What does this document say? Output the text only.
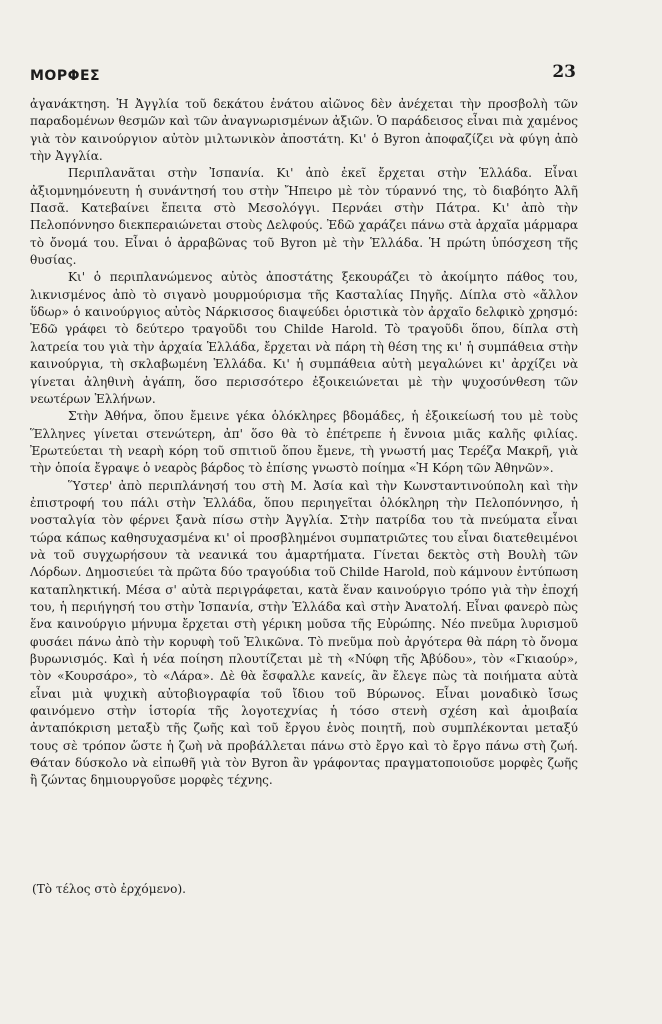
ΜΟΡΦΕΣ	23

ἀγανάκτηση. Ἡ Ἀγγλία τοῦ δεκάτου ἐνάτου αἰῶνος δὲν ἀνέχεται τὴν προσβολὴ τῶν παραδομένων θεσμῶν καὶ τῶν ἀναγνωρισμένων ἀξιῶν. Ὁ παράδεισος εἶναι πιὰ χαμένος γιὰ τὸν καινούργιον αὐτὸν μιλτωνικὸν ἀποστάτη. Κι' ὁ Βyron ἀποφαζίζει νὰ φύγη ἀπὸ τὴν Ἀγγλία.

Περιπλανᾶται στὴν Ἰσπανία. Κι' ἀπὸ ἐκεῖ ἔρχεται στὴν Ἑλλάδα. Εἶναι ἀξιομνημόνευτη ἡ συνάντησή του στὴν Ἤπειρο μὲ τὸν τύραννό της, τὸ διαβόητο Ἀλῆ Πασᾶ. Κατεβαίνει ἔπειτα στὸ Μεσολόγγι. Περνάει στὴν Πάτρα. Κι' ἀπὸ τὴν Πελοπόννησο διεκπεραιώνεται στοὺς Δελφούς. Ἐδῶ χαράζει πάνω στὰ ἀρχαῖα μάρμαρα τὸ ὄνομά του. Εἶναι ὁ ἀρραβῶνας τοῦ Βyron μὲ τὴν Ἑλλάδα. Ἡ πρώτη ὑπόσχεση τῆς θυσίας.

Κι' ὁ περιπλανώμενος αὐτὸς ἀποστάτης ξεκουράζει τὸ ἀκοίμητο πάθος του, λικνισμένος ἀπὸ τὸ σιγανὸ μουρμούρισμα τῆς Κασταλίας Πηγῆς. Δίπλα στὸ «ἄλλον ὕδωρ» ὁ καινούργιος αὐτὸς Νάρκισσος διαψεύδει ὁριστικὰ τὸν ἀρχαῖο δελφικὸ χρησμό: Ἐδῶ γράφει τὸ δεύτερο τραγοῦδι του Childe Harold. Τὸ τραγοῦδι ὅπου, δίπλα στὴ λατρεία του γιὰ τὴν ἀρχαία Ἑλλάδα, ἔρχεται νὰ πάρη τὴ θέση της κι' ἡ συμπάθεια στὴν καινούργια, τὴ σκλαβωμένη Ἑλλάδα. Κι' ἡ συμπάθεια αὐτὴ μεγαλώνει κι' ἀρχίζει νὰ γίνεται ἀληθινὴ ἀγάπη, ὅσο περισσότερο ἐξοικειώνεται μὲ τὴν ψυχοσύνθεση τῶν νεωτέρων Ἑλλήνων.

Στὴν Ἀθήνα, ὅπου ἔμεινε γέκα ὁλόκληρες βδομάδες, ἡ ἐξοικείωσή του μὲ τοὺς Ἕλληνες γίνεται στενώτερη, ἀπ' ὅσο θὰ τὸ ἐπέτρεπε ἡ ἔννοια μιᾶς καλῆς φιλίας. Ἐρωτεύεται τὴ νεαρὴ κόρη τοῦ σπιτιοῦ ὅπου ἔμενε, τὴ γνωστή μας Τερέζα Μακρῆ, γιὰ τὴν ὁποία ἔγραψε ὁ νεαρὸς βάρδος τὸ ἐπίσης γνωστὸ ποίημα «Ἡ Κόρη τῶν Ἀθηνῶν».

Ὕστερ' ἀπὸ περιπλάνησή του στὴ Μ. Ἀσία καὶ τὴν Κωνσταντινούπολη καὶ τὴν ἐπιστροφή του πάλι στὴν Ἑλλάδα, ὅπου περιηγεῖται ὁλόκληρη τὴν Πελοπόννησο, ἡ νοσταλγία τὸν φέρνει ξανὰ πίσω στὴν Ἀγγλία. Στὴν πατρίδα του τὰ πνεύματα εἶναι τώρα κάπως καθησυχασμένα κι' οἱ προσβλημένοι συμπατριῶτες του εἶναι διατεθειμένοι νὰ τοῦ συγχωρήσουν τὰ νεανικά του ἁμαρτήματα. Γίνεται δεκτὸς στὴ Βουλὴ τῶν Λόρδων. Δημοσιεύει τὰ πρῶτα δύο τραγούδια τοῦ Childe Harold, ποὺ κάμνουν ἐντύπωση καταπληκτική. Μέσα σ' αὐτὰ περιγράφεται, κατὰ ἕναν καινούργιο τρόπο γιὰ τὴν ἐποχή του, ἡ περιήγησή του στὴν Ἰσπανία, στὴν Ἑλλάδα καὶ στὴν Ἀνατολή. Εἶναι φανερὸ πὼς ἕνα καινούργιο μήνυμα ἔρχεται στὴ γέρικη μοῦσα τῆς Εὐρώπης. Νέο πνεῦμα λυρισμοῦ φυσάει πάνω ἀπὸ τὴν κορυφὴ τοῦ Ἑλικῶνα. Τὸ πνεῦμα ποὺ ἀργότερα θὰ πάρη τὸ ὄνομα βυρωνισμός. Καὶ ἡ νέα ποίηση πλουτίζεται μὲ τὴ «Νύφη τῆς Ἀβύδου», τὸν «Γκιαούρ», τὸν «Κουρσάρο», τὸ «Λάρα». Δὲ θὰ ἔσφαλλε κανείς, ἂν ἔλεγε πὼς τὰ ποιήματα αὐτὰ εἶναι μιὰ ψυχικὴ αὐτοβιογραφία τοῦ ἴδιου τοῦ Βύρωνος. Εἶναι μοναδικὸ ἴσως φαινόμενο στὴν ἱστορία τῆς λογοτεχνίας ἡ τόσο στενὴ σχέση καὶ ἀμοιβαία ἀνταπόκριση μεταξὺ τῆς ζωῆς καὶ τοῦ ἔργου ἑνὸς ποιητῆ, ποὺ συμπλέκονται μεταξύ τους σὲ τρόπον ὥστε ἡ ζωὴ νὰ προβάλλεται πάνω στὸ ἔργο καὶ τὸ ἔργο πάνω στὴ ζωή. Θάταν δύσκολο νὰ εἰπωθῆ γιὰ τὸν Βyron ἂν γράφοντας πραγματοποιοῦσε μορφὲς ζωῆς ἢ ζώντας δημιουργοῦσε μορφὲς τέχνης.

(Τὸ τέλος στὸ ἐρχόμενο).
